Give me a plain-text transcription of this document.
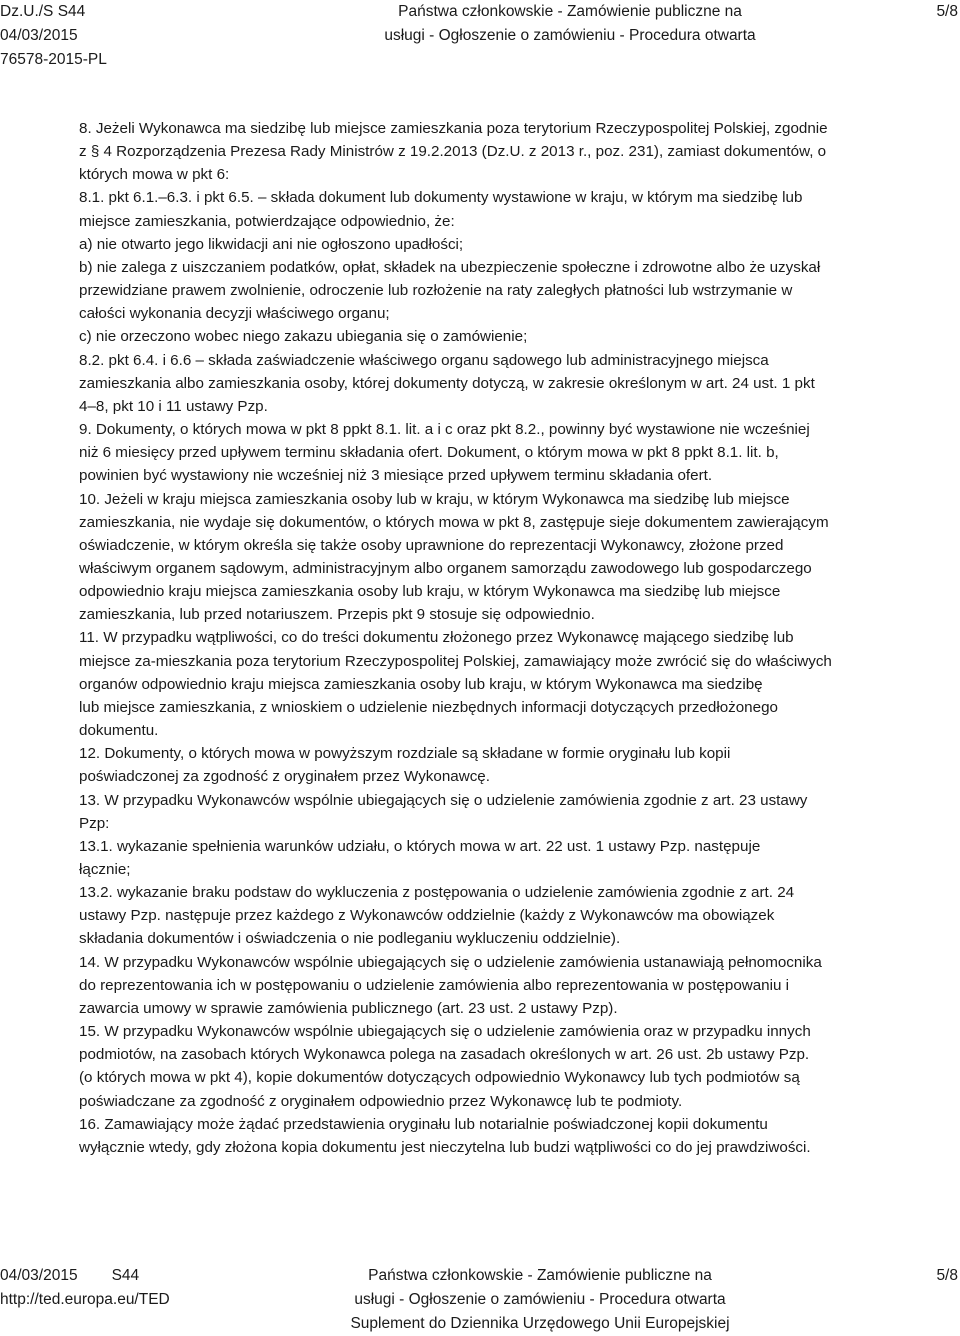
Dz.U./S S44
04/03/2015
76578-2015-PL
Państwa członkowskie - Zamówienie publiczne na
usługi - Ogłoszenie o zamówieniu - Procedura otwarta
5/8

8. Jeżeli Wykonawca ma siedzibę lub miejsce zamieszkania poza terytorium Rzeczypospolitej Polskiej, zgodnie

z § 4 Rozporządzenia Prezesa Rady Ministrów z 19.2.2013 (Dz.U. z 2013 r., poz. 231), zamiast dokumentów, o

których mowa w pkt 6:

8.1. pkt 6.1.–6.3. i pkt 6.5. – składa dokument lub dokumenty wystawione w kraju, w którym ma siedzibę lub

miejsce zamieszkania, potwierdzające odpowiednio, że:

a) nie otwarto jego likwidacji ani nie ogłoszono upadłości;

b) nie zalega z uiszczaniem podatków, opłat, składek na ubezpieczenie społeczne i zdrowotne albo że uzyskał

przewidziane prawem zwolnienie, odroczenie lub rozłożenie na raty zaległych płatności lub wstrzymanie w

całości wykonania decyzji właściwego organu;

c) nie orzeczono wobec niego zakazu ubiegania się o zamówienie;

8.2. pkt 6.4. i 6.6 – składa zaświadczenie właściwego organu sądowego lub administracyjnego miejsca

zamieszkania albo zamieszkania osoby, której dokumenty dotyczą, w zakresie określonym w art. 24 ust. 1 pkt

4–8, pkt 10 i 11 ustawy Pzp.

9. Dokumenty, o których mowa w pkt 8 ppkt 8.1. lit. a i c oraz pkt 8.2., powinny być wystawione nie wcześniej

niż 6 miesięcy przed upływem terminu składania ofert. Dokument, o którym mowa w pkt 8 ppkt 8.1. lit. b,

powinien być wystawiony nie wcześniej niż 3 miesiące przed upływem terminu składania ofert.

10. Jeżeli w kraju miejsca zamieszkania osoby lub w kraju, w którym Wykonawca ma siedzibę lub miejsce

zamieszkania, nie wydaje się dokumentów, o których mowa w pkt 8, zastępuje sieje dokumentem zawierającym

oświadczenie, w którym określa się także osoby uprawnione do reprezentacji Wykonawcy, złożone przed

właściwym organem sądowym, administracyjnym albo organem samorządu zawodowego lub gospodarczego

odpowiednio kraju miejsca zamieszkania osoby lub kraju, w którym Wykonawca ma siedzibę lub miejsce

zamieszkania, lub przed notariuszem. Przepis pkt 9 stosuje się odpowiednio.

11. W przypadku wątpliwości, co do treści dokumentu złożonego przez Wykonawcę mającego siedzibę lub

miejsce za-mieszkania poza terytorium Rzeczypospolitej Polskiej, zamawiający może zwrócić się do właściwych

organów odpowiednio kraju miejsca zamieszkania osoby lub kraju, w którym Wykonawca ma siedzibę

lub miejsce zamieszkania, z wnioskiem o udzielenie niezbędnych informacji dotyczących przedłożonego

dokumentu.

12. Dokumenty, o których mowa w powyższym rozdziale są składane w formie oryginału lub kopii

poświadczonej za zgodność z oryginałem przez Wykonawcę.

13. W przypadku Wykonawców wspólnie ubiegających się o udzielenie zamówienia zgodnie z art. 23 ustawy

Pzp:

13.1. wykazanie spełnienia warunków udziału, o których mowa w art. 22 ust. 1 ustawy Pzp. następuje

łącznie;

13.2. wykazanie braku podstaw do wykluczenia z postępowania o udzielenie zamówienia zgodnie z art. 24

ustawy Pzp. następuje przez każdego z Wykonawców oddzielnie (każdy z Wykonawców ma obowiązek

składania dokumentów i oświadczenia o nie podleganiu wykluczeniu oddzielnie).

14. W przypadku Wykonawców wspólnie ubiegających się o udzielenie zamówienia ustanawiają pełnomocnika

do reprezentowania ich w postępowaniu o udzielenie zamówienia albo reprezentowania w postępowaniu i

zawarcia umowy w sprawie zamówienia publicznego (art. 23 ust. 2 ustawy Pzp).

15. W przypadku Wykonawców wspólnie ubiegających się o udzielenie zamówienia oraz w przypadku innych

podmiotów, na zasobach których Wykonawca polega na zasadach określonych w art. 26 ust. 2b ustawy Pzp.

(o których mowa w pkt 4), kopie dokumentów dotyczących odpowiednio Wykonawcy lub tych podmiotów są

poświadczane za zgodność z oryginałem odpowiednio przez Wykonawcę lub te podmioty.

16. Zamawiający może żądać przedstawienia oryginału lub notarialnie poświadczonej kopii dokumentu

wyłącznie wtedy, gdy złożona kopia dokumentu jest nieczytelna lub budzi wątpliwości co do jej prawdziwości.

04/03/2015 S44
http://ted.europa.eu/TED
Państwa członkowskie - Zamówienie publiczne na
usługi - Ogłoszenie o zamówieniu - Procedura otwarta
Suplement do Dziennika Urzędowego Unii Europejskiej
5/8
